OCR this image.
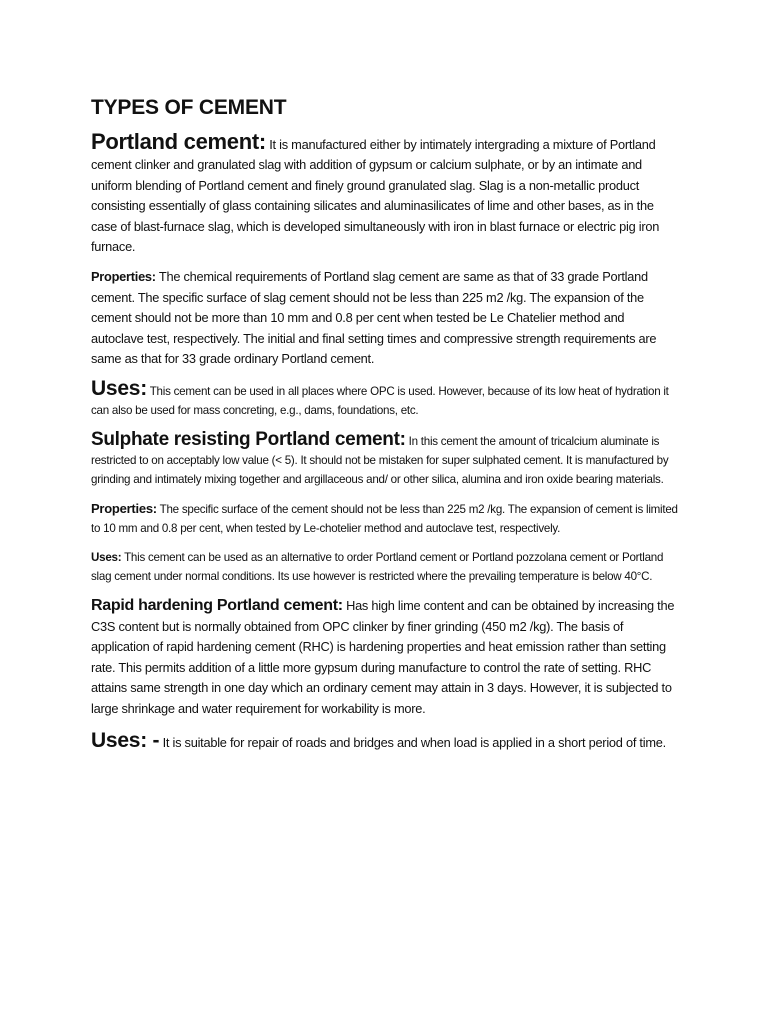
TYPES OF CEMENT

Portland cement: It is manufactured either by intimately intergrading a mixture of Portland cement clinker and granulated slag with addition of gypsum or calcium sulphate, or by an intimate and uniform blending of Portland cement and finely ground granulated slag. Slag is a non-metallic product consisting essentially of glass containing silicates and aluminasilicates of lime and other bases, as in the case of blast-furnace slag, which is developed simultaneously with iron in blast furnace or electric pig iron furnace.

Properties: The chemical requirements of Portland slag cement are same as that of 33 grade Portland cement. The specific surface of slag cement should not be less than 225 m2 /kg. The expansion of the cement should not be more than 10 mm and 0.8 per cent when tested be Le Chatelier method and autoclave test, respectively. The initial and final setting times and compressive strength requirements are same as that for 33 grade ordinary Portland cement.

Uses: This cement can be used in all places where OPC is used. However, because of its low heat of hydration it can also be used for mass concreting, e.g., dams, foundations, etc.

Sulphate resisting Portland cement: In this cement the amount of tricalcium aluminate is restricted to on acceptably low value (< 5). It should not be mistaken for super sulphated cement. It is manufactured by grinding and intimately mixing together and argillaceous and/ or other silica, alumina and iron oxide bearing materials.

Properties: The specific surface of the cement should not be less than 225 m2 /kg. The expansion of cement is limited to 10 mm and 0.8 per cent, when tested by Le-chotelier method and autoclave test, respectively.

Uses: This cement can be used as an alternative to order Portland cement or Portland pozzolana cement or Portland slag cement under normal conditions. Its use however is restricted where the prevailing temperature is below 40°C.

Rapid hardening Portland cement: Has high lime content and can be obtained by increasing the C3S content but is normally obtained from OPC clinker by finer grinding (450 m2 /kg). The basis of application of rapid hardening cement (RHC) is hardening properties and heat emission rather than setting rate. This permits addition of a little more gypsum during manufacture to control the rate of setting. RHC attains same strength in one day which an ordinary cement may attain in 3 days. However, it is subjected to large shrinkage and water requirement for workability is more.

Uses: - It is suitable for repair of roads and bridges and when load is applied in a short period of time.
